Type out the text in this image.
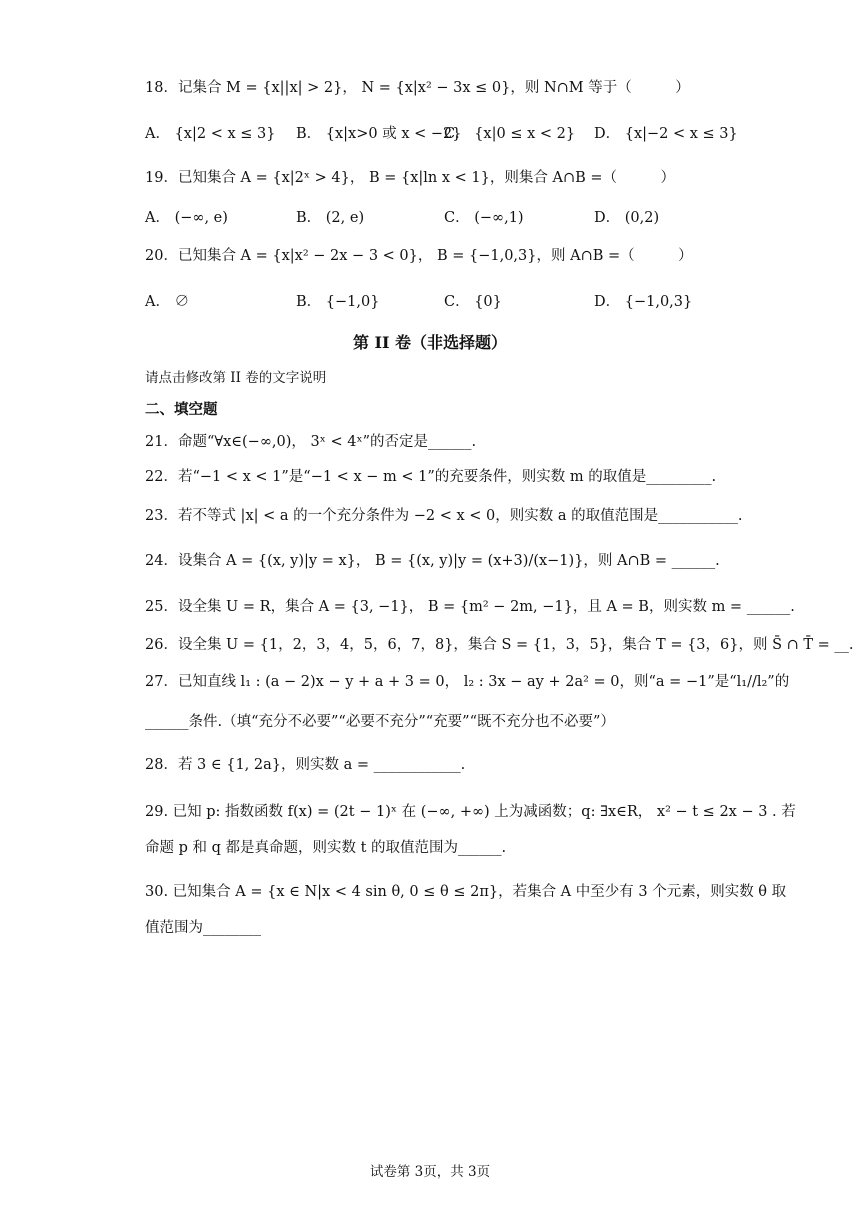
18．记集合 M = {x||x| > 2}， N = {x|x² − 3x ≤ 0}，则 N∩M 等于（　　　）
A． {x|2 < x ≤ 3} B． {x|x>0 或 x < −2}
C． {x|0 ≤ x < 2} D． {x|−2 < x ≤ 3}
19．已知集合 A = {x|2ˣ > 4}， B = {x|ln x < 1}，则集合 A∩B =（　　　）
A． (−∞, e)	B． (2, e)	C． (−∞,1)	D． (0,2)
20．已知集合 A = {x|x² − 2x − 3 < 0}， B = {−1,0,3}，则 A∩B =（　　　）
A． ∅	B． {−1,0}	C． {0}	D． {−1,0,3}
第 II 卷（非选择题）
请点击修改第 II 卷的文字说明
二、填空题
21．命题“∀x∈(−∞,0)， 3ˣ < 4ˣ”的否定是______.
22．若“−1 < x < 1”是“−1 < x − m < 1”的充要条件，则实数 m 的取值是_________.
23．若不等式 |x| < a 的一个充分条件为 −2 < x < 0，则实数 a 的取值范围是___________.
24．设集合 A = {(x, y)|y = x}， B = {(x, y)|y = (x+3)/(x−1)}，则 A∩B = ______.
25．设全集 U = R，集合 A = {3, −1}， B = {m² − 2m, −1}，且 A = B，则实数 m = ______.
26．设全集 U = {1，2，3，4，5，6，7，8}，集合 S = {1，3，5}，集合 T = {3，6}，则 S̄ ∩ T̄ = __.
27．已知直线 l₁ : (a − 2)x − y + a + 3 = 0， l₂ : 3x − ay + 2a² = 0，则“a = −1”是“l₁//l₂”的
______条件.（填“充分不必要”“必要不充分”“充要”“既不充分也不必要”）
28．若 3 ∈ {1, 2a}，则实数 a = ____________.
29. 已知 p: 指数函数 f(x) = (2t − 1)ˣ 在 (−∞, +∞) 上为减函数；q: ∃x∈R， x² − t ≤ 2x − 3 . 若
命题 p 和 q 都是真命题，则实数 t 的取值范围为______.
30. 已知集合 A = {x ∈ N|x < 4 sin θ, 0 ≤ θ ≤ 2π}，若集合 A 中至少有 3 个元素，则实数 θ 取
值范围为________
试卷第 3页，共 3页
